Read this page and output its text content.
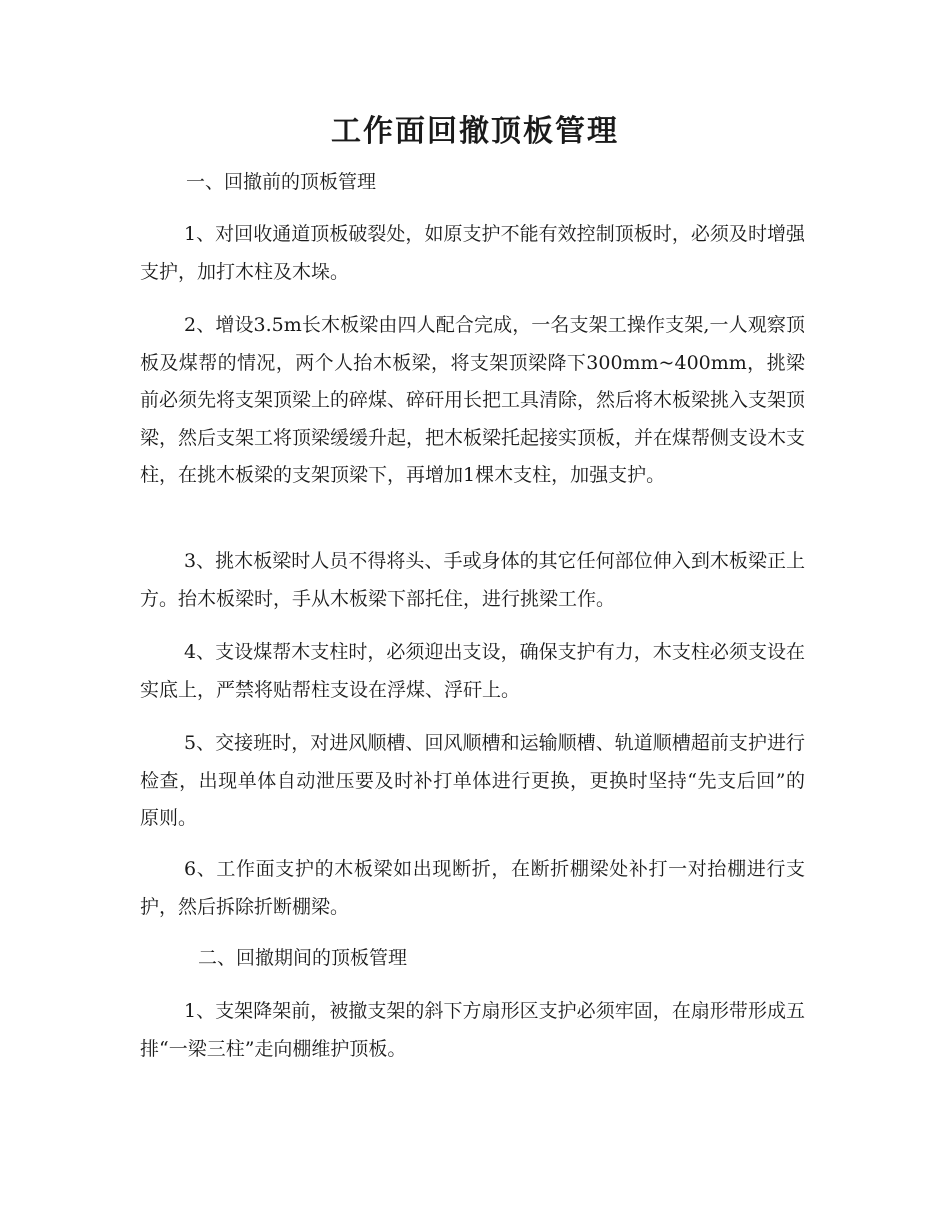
工作面回撤顶板管理
一、回撤前的顶板管理

1、对回收通道顶板破裂处，如原支护不能有效控制顶板时，必须及时增强支护，加打木柱及木垛。

2、增设3.5m长木板梁由四人配合完成，一名支架工操作支架,一人观察顶板及煤帮的情况，两个人抬木板梁，将支架顶梁降下300mm~400mm，挑梁前必须先将支架顶梁上的碎煤、碎矸用长把工具清除，然后将木板梁挑入支架顶梁，然后支架工将顶梁缓缓升起，把木板梁托起接实顶板，并在煤帮侧支设木支柱，在挑木板梁的支架顶梁下，再增加1棵木支柱，加强支护。

3、挑木板梁时人员不得将头、手或身体的其它任何部位伸入到木板梁正上方。抬木板梁时，手从木板梁下部托住，进行挑梁工作。

4、支设煤帮木支柱时，必须迎出支设，确保支护有力，木支柱必须支设在实底上，严禁将贴帮柱支设在浮煤、浮矸上。

5、交接班时，对进风顺槽、回风顺槽和运输顺槽、轨道顺槽超前支护进行检查，出现单体自动泄压要及时补打单体进行更换，更换时坚持“先支后回”的原则。

6、工作面支护的木板梁如出现断折，在断折棚梁处补打一对抬棚进行支护，然后拆除折断棚梁。

二、回撤期间的顶板管理

1、支架降架前，被撤支架的斜下方扇形区支护必须牢固，在扇形带形成五排“一梁三柱”走向棚维护顶板。
